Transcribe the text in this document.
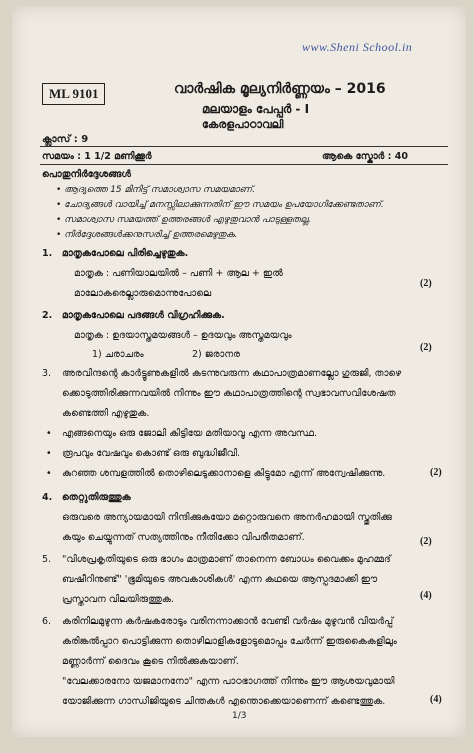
www.Sheni School.in
ML 9101	വാർഷിക മൂല്യനിർണ്ണയം – 2016
മലയാളം പേപ്പർ - I
കേരളപാഠാവലി
ക്ലാസ് : 9
സമയം : 1 1/2 മണിക്കൂർ	ആകെ സ്കോർ : 40
പൊതുനിർദ്ദേശങ്ങൾ
• ആദ്യത്തെ 15 മിനിട്ട് സമാശ്വാസ സമയമാണ്.
• ചോദ്യങ്ങൾ വായിച്ച് മനസ്സിലാക്കുന്നതിന് ഈ സമയം ഉപയോഗിക്കേണ്ടതാണ്.
• സമാശ്വാസ സമയത്ത് ഉത്തരങ്ങൾ എഴുതുവാൻ പാടുള്ളതല്ല.
• നിർദ്ദേശങ്ങൾക്കനുസരിച്ച് ഉത്തരമെഴുതുക.
1. മാതൃകപോലെ പിരിച്ചെഴുതുക.
മാതൃക : പണിയാലയിൽ – പണി + ആല + ഇൽ
മാലോകരെല്ലാരുമൊന്നുപോലെ
(2)
2. മാതൃകപോലെ പദങ്ങൾ വിഗ്രഹിക്കുക.
മാതൃക : ഉദയാസ്തമയങ്ങൾ – ഉദയവും അസ്തമയവും
1) ചരാചരം	2) ജരാനര
(2)
3. അരവിന്ദന്റെ കാർട്ടൂണുകളിൽ കടന്നുവരുന്ന കഥാപാത്രമാണല്ലോ ഗുരുജി, താഴെ
ക്കൊടുത്തിരിക്കുന്നവയിൽ നിന്നും ഈ കഥാപാത്രത്തിന്റെ സ്വഭാവസവിശേഷത
കണ്ടെത്തി എഴുതുക.
• എങ്ങനെയും ഒരു ജോലി കിട്ടിയേ മതിയാവൂ എന്ന അവസ്ഥ.
• രൂപവും വേഷവും കൊണ്ട് ഒരു ബുദ്ധിജീവി.
• കുറഞ്ഞ ശമ്പളത്തിൽ തൊഴിലെടുക്കാനാളെ കിട്ടുമോ എന്ന് അന്വേഷിക്കുന്നു.	(2)
4. തെറ്റുതിരുത്തുക
ഒരുവരെ അന്യായമായി നിന്ദിക്കുകയോ മറ്റൊരുവനെ അനർഹമായി സ്തുതിക്കു
കയും ചെയ്യുന്നത് സത്യത്തിനും നീതിക്കോ വിപരീതമാണ്.	(2)
5. "വിശപ്രകൃതിയുടെ ഒരു ഭാഗം മാത്രമാണ് താനെന്ന ബോധം വൈക്കം മുഹമ്മദ്
ബഷീറിനുണ്ട്" 'ഭൂമിയുടെ അവകാശികൾ' എന്ന കഥയെ ആസ്പദമാക്കി ഈ
പ്രസ്താവന വിലയിരുത്തുക.	(4)
6. കരിനിലമുഴുന്ന കർഷകരോടും വരിനന്നാക്കാൻ വേണ്ടി വർഷം മുഴുവൻ വിയർപ്പ്
കരിങ്കൽപ്പാറ പൊട്ടിക്കുന്ന തൊഴിലാളികളോടുമൊപ്പം ചേർന്ന് ഇരുകൈകളിലും
മണ്ണാർന്ന് ദൈവം കൂടെ നിൽക്കുകയാണ്.
"വേലക്കാരനോ യജമാനനോ" എന്ന പാഠഭാഗത്ത് നിന്നും ഈ ആശയവുമായി
യോജിക്കുന്ന ഗാന്ധിജിയുടെ ചിന്തകൾ എന്തൊക്കെയാണെന്ന് കണ്ടെത്തുക.	(4)
1/3
